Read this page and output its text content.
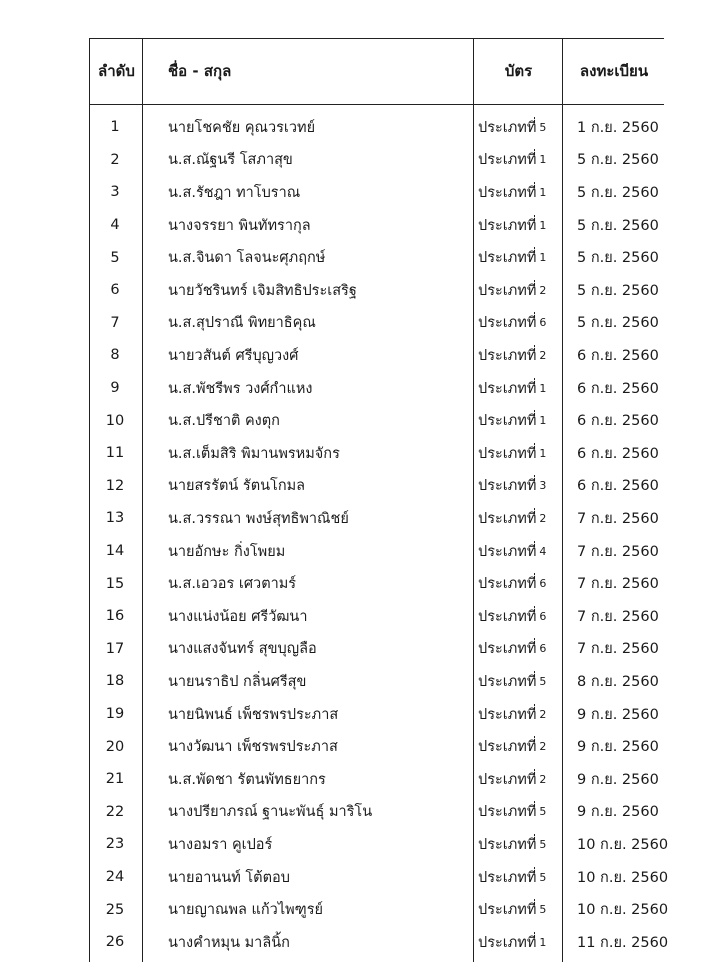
ลำดับ	ชื่อ - สกุล	บัตร	ลงทะเบียน
1	นายโชคชัย คุณวรเวทย์	ประเภทที่ 5	1 ก.ย. 2560
2	น.ส.ณัฐนรี โสภาสุข	ประเภทที่ 1	5 ก.ย. 2560
3	น.ส.รัชฎา ทาโบราณ	ประเภทที่ 1	5 ก.ย. 2560
4	นางจรรยา พินทัทรากุล	ประเภทที่ 1	5 ก.ย. 2560
5	น.ส.จินดา โลจนะศุภฤกษ์	ประเภทที่ 1	5 ก.ย. 2560
6	นายวัชรินทร์ เจิมสิทธิประเสริฐ	ประเภทที่ 2	5 ก.ย. 2560
7	น.ส.สุปราณี พิทยาธิคุณ	ประเภทที่ 6	5 ก.ย. 2560
8	นายวสันต์ ศรีบุญวงศ์	ประเภทที่ 2	6 ก.ย. 2560
9	น.ส.พัชรีพร วงศ์กำแหง	ประเภทที่ 1	6 ก.ย. 2560
10	น.ส.ปรีชาติ คงตุก	ประเภทที่ 1	6 ก.ย. 2560
11	น.ส.เต็มสิริ พิมานพรหมจักร	ประเภทที่ 1	6 ก.ย. 2560
12	นายสรรัตน์ รัตนโกมล	ประเภทที่ 3	6 ก.ย. 2560
13	น.ส.วรรณา พงษ์สุทธิพาณิชย์	ประเภทที่ 2	7 ก.ย. 2560
14	นายอักษะ กิ่งโพยม	ประเภทที่ 4	7 ก.ย. 2560
15	น.ส.เอวอร เศวตามร์	ประเภทที่ 6	7 ก.ย. 2560
16	นางแน่งน้อย ศรีวัฒนา	ประเภทที่ 6	7 ก.ย. 2560
17	นางแสงจันทร์ สุขบุญลือ	ประเภทที่ 6	7 ก.ย. 2560
18	นายนราธิป กลิ่นศรีสุข	ประเภทที่ 5	8 ก.ย. 2560
19	นายนิพนธ์ เพ็ชรพรประภาส	ประเภทที่ 2	9 ก.ย. 2560
20	นางวัฒนา เพ็ชรพรประภาส	ประเภทที่ 2	9 ก.ย. 2560
21	น.ส.พัดชา รัตนพัทธยากร	ประเภทที่ 2	9 ก.ย. 2560
22	นางปรียาภรณ์ ฐานะพันธุ์ มาริโน	ประเภทที่ 5	9 ก.ย. 2560
23	นางอมรา คูเปอร์	ประเภทที่ 5	10 ก.ย. 2560
24	นายอานนท์ โต้ตอบ	ประเภทที่ 5	10 ก.ย. 2560
25	นายญาณพล แก้วไพฑูรย์	ประเภทที่ 5	10 ก.ย. 2560
26	นางคำหมุน มาลินิ้ก	ประเภทที่ 1	11 ก.ย. 2560
